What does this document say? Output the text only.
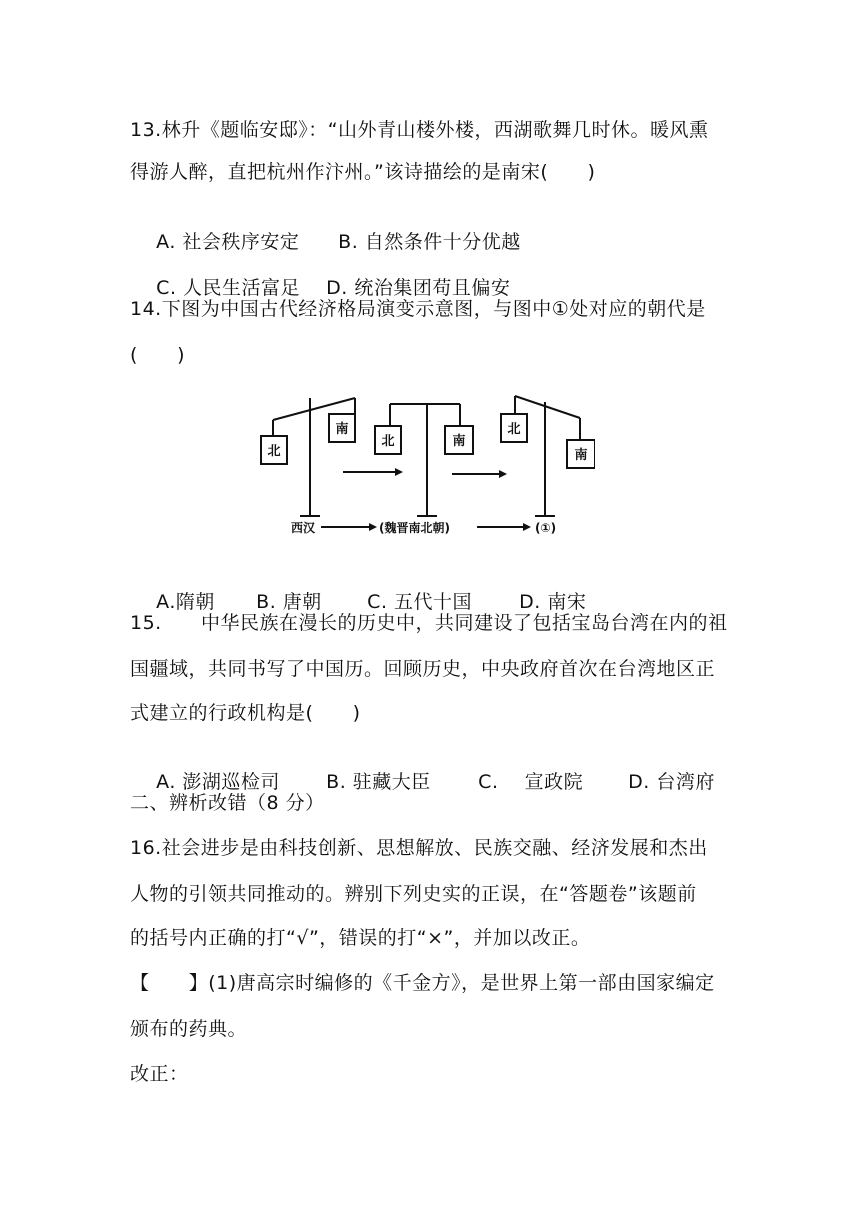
13.林升《题临安邸》：“山外青山楼外楼，西湖歌舞几时休。暖风熏
得游人醉，直把杭州作汴州。”该诗描绘的是南宋(      )

A. 社会秩序安定 B. 自然条件十分优越

C. 人民生活富足 D. 统治集团苟且偏安

14.下图为中国古代经济格局演变示意图，与图中①处对应的朝代是
(      )
北
南
北	南
北
南
西汉	(魏晋南北朝)	(①)

A.隋朝 B. 唐朝 C. 五代十国 D. 南宋

15.      中华民族在漫长的历史中，共同建设了包括宝岛台湾在内的祖
国疆域，共同书写了中国历。回顾历史，中央政府首次在台湾地区正
式建立的行政机构是(      )

A. 澎湖巡检司 B. 驻藏大臣 C.    宣政院 D. 台湾府

二、辨析改错（8 分）
16.社会进步是由科技创新、思想解放、民族交融、经济发展和杰出
人物的引领共同推动的。辨别下列史实的正误，在“答题卷”该题前
的括号内正确的打“√”，错误的打“×”，并加以改正。
【      】(1)唐高宗时编修的《千金方》，是世界上第一部由国家编定
颁布的药典。
改正：
